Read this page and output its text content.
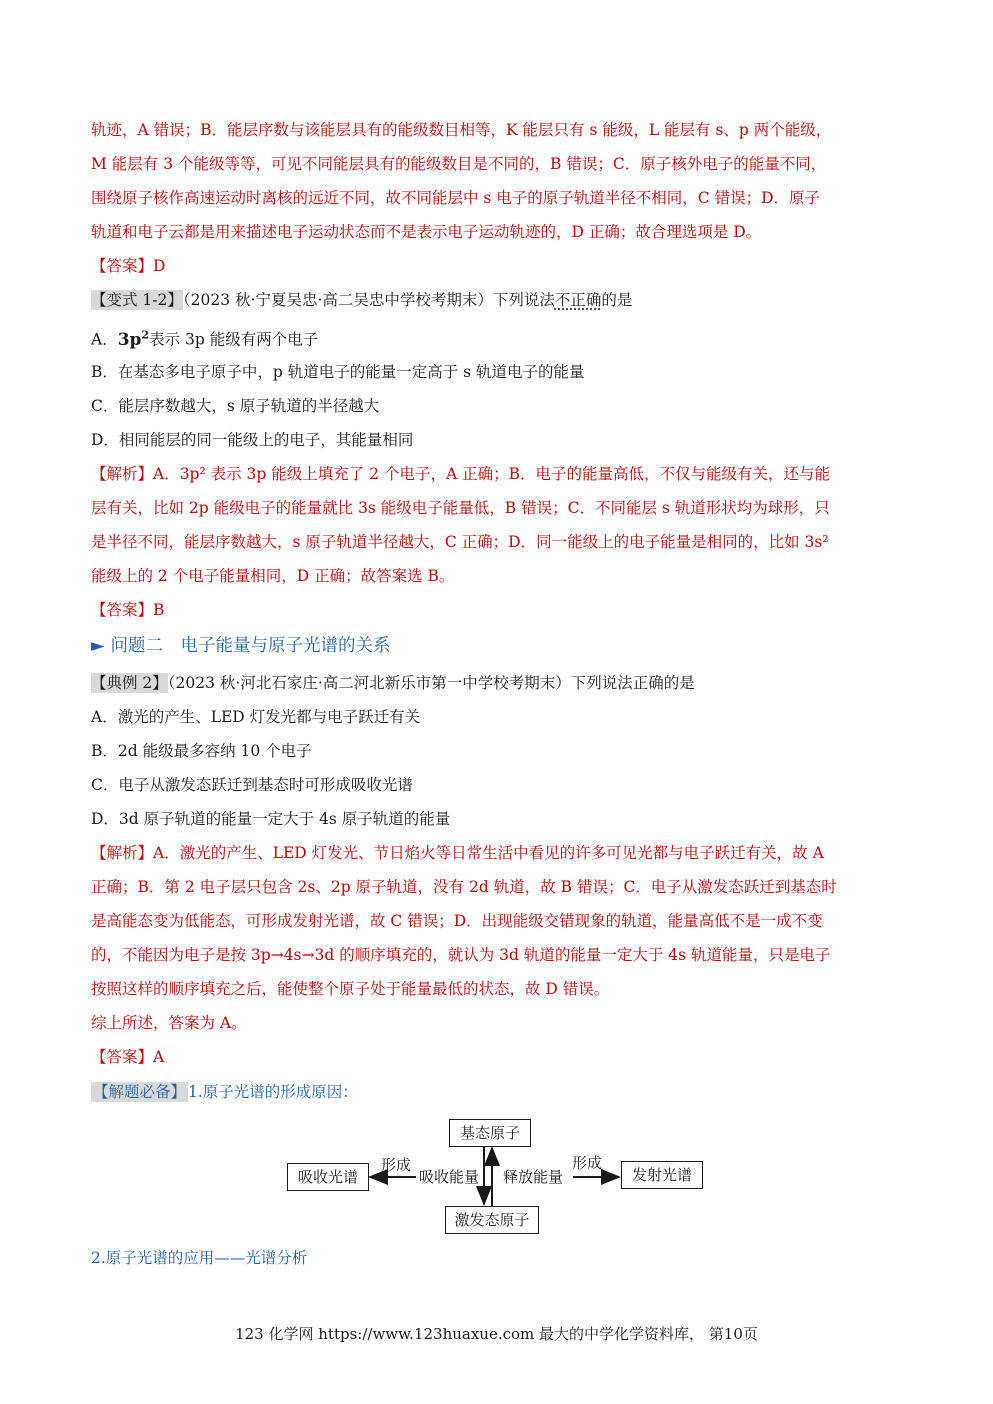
轨迹，A 错误；B．能层序数与该能层具有的能级数目相等，K 能层只有 s 能级，L 能层有 s、p 两个能级，
M 能层有 3 个能级等等，可见不同能层具有的能级数目是不同的，B 错误；C．原子核外电子的能量不同，
围绕原子核作高速运动时离核的远近不同，故不同能层中 s 电子的原子轨道半径不相同，C 错误；D．原子
轨道和电子云都是用来描述电子运动状态而不是表示电子运动轨迹的，D 正确；故合理选项是 D。
【答案】D
【变式 1-2】（2023 秋·宁夏吴忠·高二吴忠中学校考期末）下列说法不正确的是
A．$3p^2$表示 3p 能级有两个电子
B．在基态多电子原子中，p 轨道电子的能量一定高于 s 轨道电子的能量
C．能层序数越大，s 原子轨道的半径越大
D．相同能层的同一能级上的电子，其能量相同
【解析】A．3p² 表示 3p 能级上填充了 2 个电子，A 正确；B．电子的能量高低，不仅与能级有关，还与能
层有关，比如 2p 能级电子的能量就比 3s 能级电子能量低，B 错误；C．不同能层 s 轨道形状均为球形，只
是半径不同，能层序数越大，s 原子轨道半径越大，C 正确；D．同一能级上的电子能量是相同的，比如 3s²
能级上的 2 个电子能量相同，D 正确；故答案选 B。
【答案】B
► 问题二　电子能量与原子光谱的关系
【典例 2】（2023 秋·河北石家庄·高二河北新乐市第一中学校考期末）下列说法正确的是
A．激光的产生、LED 灯发光都与电子跃迁有关
B．2d 能级最多容纳 10 个电子
C．电子从激发态跃迁到基态时可形成吸收光谱
D．3d 原子轨道的能量一定大于 4s 原子轨道的能量
【解析】A．激光的产生、LED 灯发光、节日焰火等日常生活中看见的许多可见光都与电子跃迁有关，故 A
正确；B．第 2 电子层只包含 2s、2p 原子轨道，没有 2d 轨道，故 B 错误；C．电子从激发态跃迁到基态时
是高能态变为低能态，可形成发射光谱，故 C 错误；D．出现能级交错现象的轨道，能量高低不是一成不变
的，不能因为电子是按 3p→4s→3d 的顺序填充的，就认为 3d 轨道的能量一定大于 4s 轨道能量，只是电子
按照这样的顺序填充之后，能使整个原子处于能量最低的状态，故 D 错误。
综上所述，答案为 A。
【答案】A
【解题必备】 1.原子光谱的形成原因：
基态原子
激发态原子
吸收光谱	发射光谱
形成	形成
吸收能量 释放能量
2.原子光谱的应用——光谱分析
123 化学网 https://www.123huaxue.com 最大的中学化学资料库， 第10页
